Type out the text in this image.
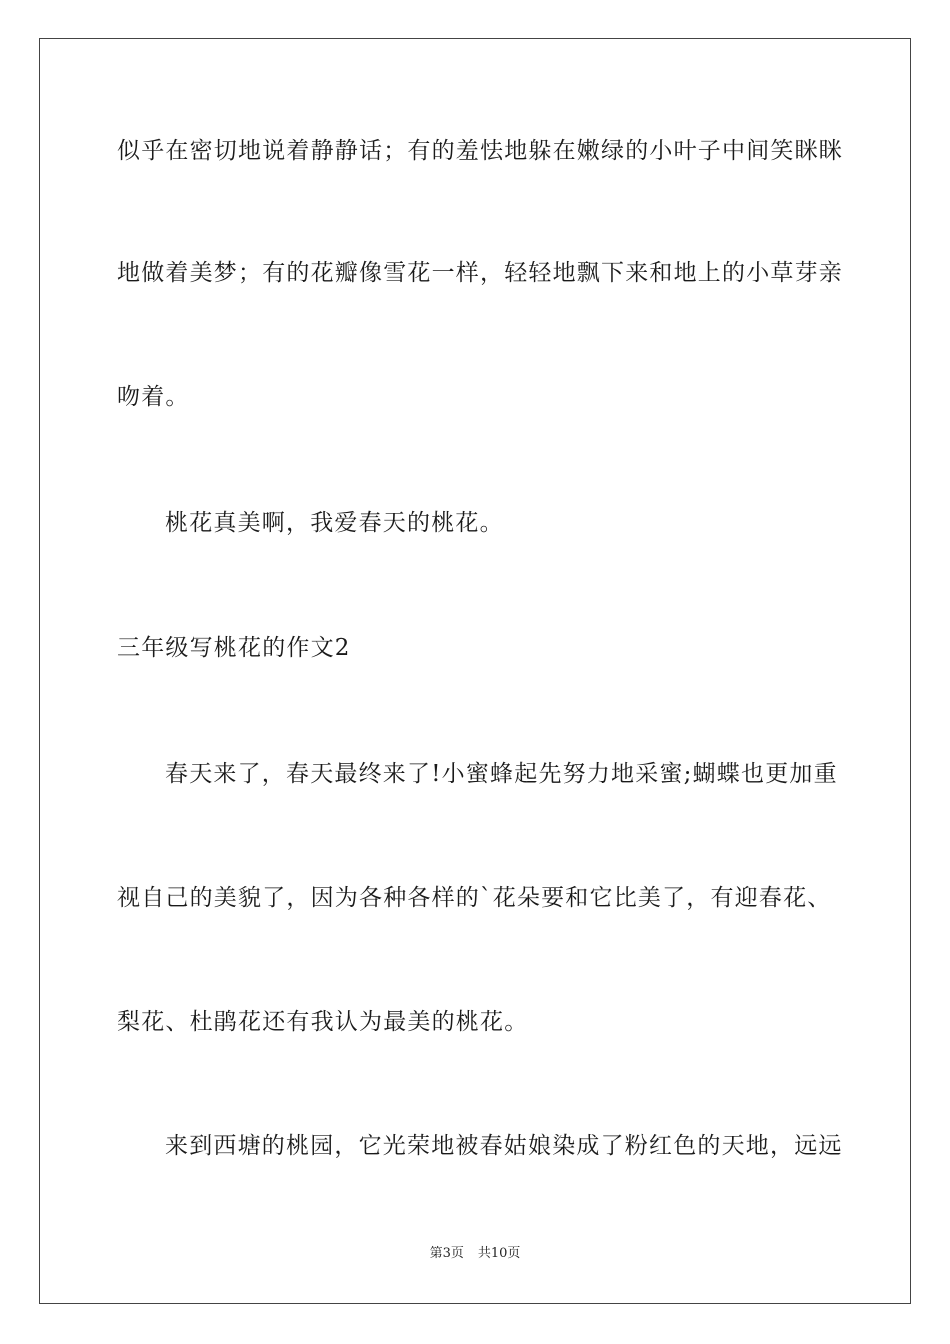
似乎在密切地说着静静话；有的羞怯地躲在嫩绿的小叶子中间笑眯眯
地做着美梦；有的花瓣像雪花一样，轻轻地飘下来和地上的小草芽亲
吻着。
桃花真美啊，我爱春天的桃花。
三年级写桃花的作文2
春天来了，春天最终来了!小蜜蜂起先努力地采蜜;蝴蝶也更加重
视自己的美貌了，因为各种各样的`花朵要和它比美了，有迎春花、
梨花、杜鹃花还有我认为最美的桃花。
来到西塘的桃园，它光荣地被春姑娘染成了粉红色的天地，远远
第3页 共10页
